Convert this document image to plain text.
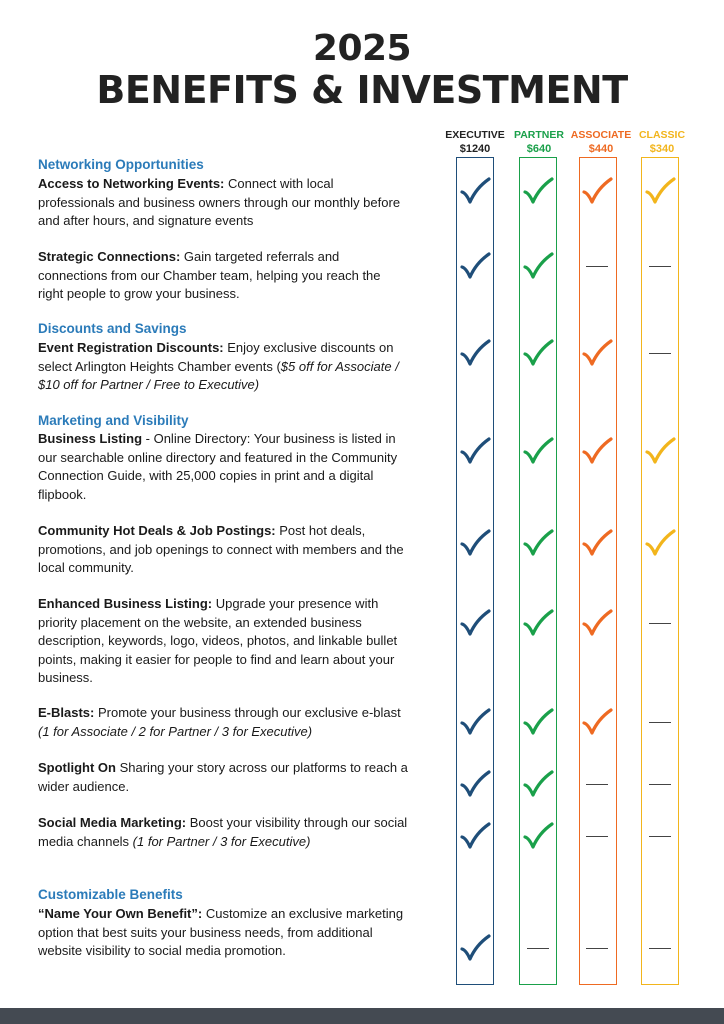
2025
BENEFITS & INVESTMENT
EXECUTIVE
$1240
PARTNER
$640
ASSOCIATE
$440
CLASSIC
$340
Networking Opportunities
Discounts and Savings
Marketing and Visibility
Customizable Benefits
Access to Networking Events: Connect with local professionals and business owners through our monthly before and after hours, and signature events
Strategic Connections: Gain targeted referrals and connections from our Chamber team, helping you reach the right people to grow your business.
Event Registration Discounts: Enjoy exclusive discounts on select Arlington Heights Chamber events ($5 off for Associate / $10 off for Partner / Free to Executive)
Business Listing - Online Directory: Your business is listed in our searchable online directory and featured in the Community Connection Guide, with 25,000 copies in print and a digital flipbook.
Community Hot Deals & Job Postings: Post hot deals, promotions, and job openings to connect with members and the local community.
Enhanced Business Listing: Upgrade your presence with priority placement on the website, an extended business description, keywords, logo, videos, photos, and linkable bullet points, making it easier for people to find and learn about your business.
E-Blasts: Promote your business through our exclusive e-blast (1 for Associate / 2 for Partner / 3 for Executive)
Spotlight On Sharing your story across our platforms to reach a wider audience.
Social Media Marketing: Boost your visibility through our social media channels (1 for Partner / 3 for Executive)
“Name Your Own Benefit”: Customize an exclusive marketing option that best suits your business needs, from additional website visibility to social media promotion.
